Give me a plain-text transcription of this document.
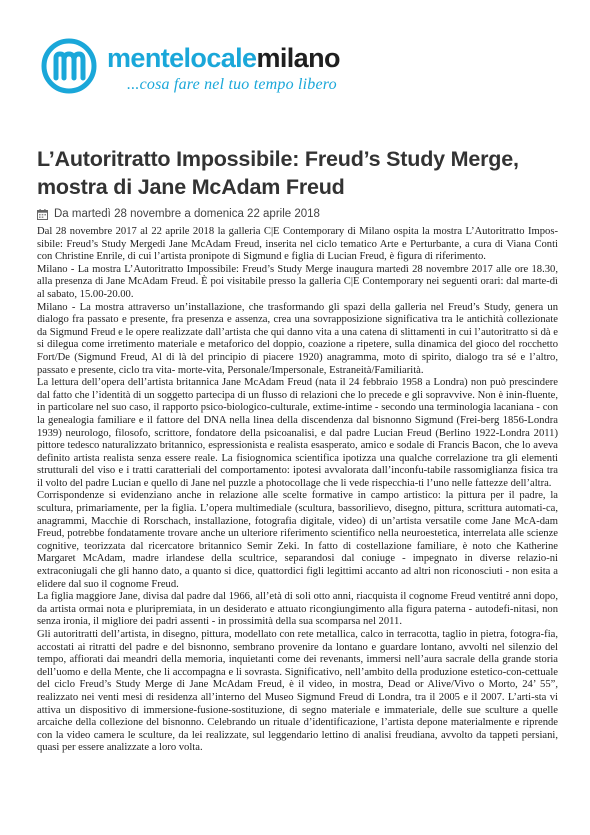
mentelocalemilano
...cosa fare nel tuo tempo libero
L’Autoritratto Impossibile: Freud’s Study Merge, mostra di Jane McAdam Freud
Da martedì 28 novembre a domenica 22 aprile 2018

Dal 28 novembre 2017 al 22 aprile 2018 la galleria C|E Contemporary di Milano ospita la mostra L’Autoritratto Impos-sibile: Freud’s Study Mergedi Jane McAdam Freud, inserita nel ciclo tematico Arte e Perturbante, a cura di Viana Conti con Christine Enrile, di cui l’artista pronipote di Sigmund e figlia di Lucian Freud, è figura di riferimento.

Milano - La mostra L’Autoritratto Impossibile: Freud’s Study Merge inaugura martedì 28 novembre 2017 alle ore 18.30, alla presenza di Jane McAdam Freud. È poi visitabile presso la galleria C|E Contemporary nei seguenti orari: dal marte-dì al sabato, 15.00-20.00.

Milano - La mostra attraverso un’installazione, che trasformando gli spazi della galleria nel Freud’s Study, genera un dialogo fra passato e presente, fra presenza e assenza, crea una sovrapposizione significativa tra le antichità collezionate da Sigmund Freud e le opere realizzate dall’artista che qui danno vita a una catena di slittamenti in cui l’autoritratto si dà e si dilegua come irretimento materiale e metaforico del doppio, coazione a ripetere, sulla dinamica del gioco del rocchetto Fort/De (Sigmund Freud, Al di là del principio di piacere 1920) anagramma, moto di spirito, dialogo tra sé e l’altro, passato e presente, ciclo tra vita- morte-vita, Personale/Impersonale, Estraneità/Familiarità.

La lettura dell’opera dell’artista britannica Jane McAdam Freud (nata il 24 febbraio 1958 a Londra) non può prescindere dal fatto che l’identità di un soggetto partecipa di un flusso di relazioni che lo precede e gli sopravvive. Non è inin-fluente, in particolare nel suo caso, il rapporto psico-biologico-culturale, extime-intime - secondo una terminologia lacaniana - con la genealogia familiare e il fattore del DNA nella linea della discendenza dal bisnonno Sigmund (Frei-berg 1856-Londra 1939) neurologo, filosofo, scrittore, fondatore della psicoanalisi, e dal padre Lucian Freud (Berlino 1922-Londra 2011) pittore tedesco naturalizzato britannico, espressionista e realista esasperato, amico e sodale di Francis Bacon, che lo aveva definito artista realista senza essere reale. La fisiognomica scientifica ipotizza una qualche correlazione tra gli elementi strutturali del viso e i tratti caratteriali del comportamento: ipotesi avvalorata dall’inconfu-tabile rassomiglianza fisica tra il volto del padre Lucian e quello di Jane nel puzzle a photocollage che li vede rispecchia-ti l’uno nelle fattezze dell’altra.

Corrispondenze si evidenziano anche in relazione alle scelte formative in campo artistico: la pittura per il padre, la scultura, primariamente, per la figlia. L’opera multimediale (scultura, bassorilievo, disegno, pittura, scrittura automati-ca, anagrammi, Macchie di Rorschach, installazione, fotografia digitale, video) di un’artista versatile come Jane McA-dam Freud, potrebbe fondatamente trovare anche un ulteriore riferimento scientifico nella neuroestetica, interrelata alle scienze cognitive, teorizzata dal ricercatore britannico Semir Zeki. In fatto di costellazione familiare, è noto che Katherine Margaret McAdam, madre irlandese della scultrice, separandosi dal coniuge - impegnato in diverse relazio-ni extraconiugali che gli hanno dato, a quanto si dice, quattordici figli legittimi accanto ad altri non riconosciuti - non esita a elidere dal suo il cognome Freud.

La figlia maggiore Jane, divisa dal padre dal 1966, all’età di soli otto anni, riacquista il cognome Freud ventitré anni dopo, da artista ormai nota e pluripremiata, in un desiderato e attuato ricongiungimento alla figura paterna - autodefi-nitasi, non senza ironia, il migliore dei padri assenti - in prossimità della sua scomparsa nel 2011.

Gli autoritratti dell’artista, in disegno, pittura, modellato con rete metallica, calco in terracotta, taglio in pietra, fotogra-fia, accostati ai ritratti del padre e del bisnonno, sembrano provenire da lontano e guardare lontano, avvolti nel silenzio del tempo, affiorati dai meandri della memoria, inquietanti come dei revenants, immersi nell’aura sacrale della grande storia dell’uomo e della Mente, che li accompagna e li sovrasta. Significativo, nell’ambito della produzione estetico-con-cettuale del ciclo Freud’s Study Merge di Jane McAdam Freud, è il video, in mostra, Dead or Alive/Vivo o Morto, 24’ 55”, realizzato nei venti mesi di residenza all’interno del Museo Sigmund Freud di Londra, tra il 2005 e il 2007. L’arti-sta vi attiva un dispositivo di immersione-fusione-sostituzione, di segno materiale e immateriale, delle sue sculture a quelle arcaiche della collezione del bisnonno. Celebrando un rituale d’identificazione, l’artista depone materialmente e riprende con la video camera le sculture, da lei realizzate, sul leggendario lettino di analisi freudiana, avvolto da tappeti persiani, quasi per essere analizzate a loro volta.
